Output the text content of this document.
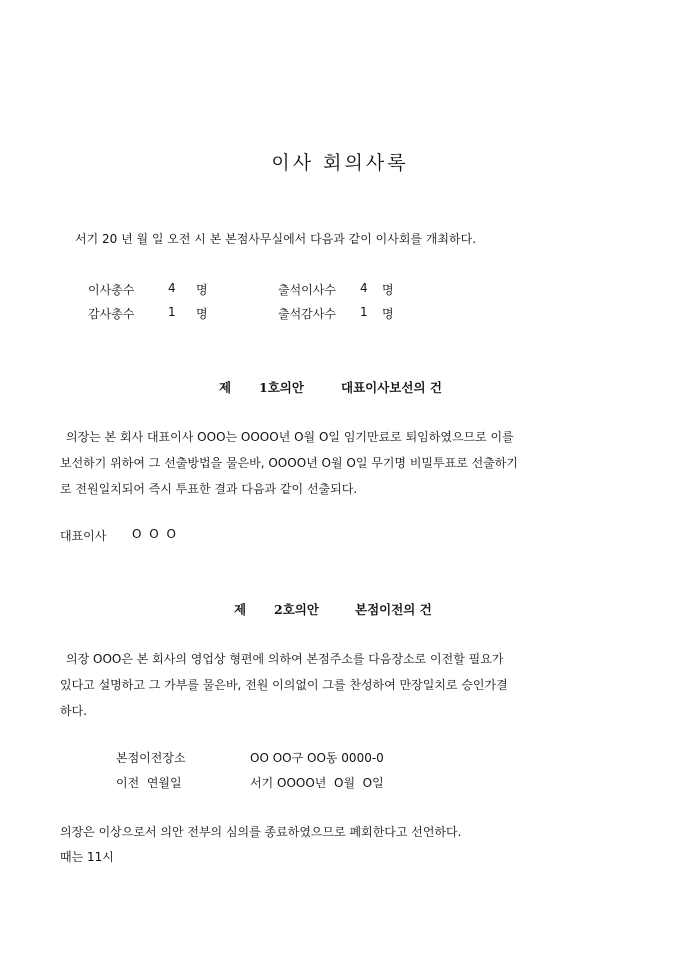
이사 회의사록
서기 20 년 월 일 오전 시 본 본점사무실에서 다음과 같이 이사회를 개최하다.
이사총수	4 명	출석이사수 4 명
감사총수	1 명	출석감사수 1 명
제 1호의안	대표이사보선의 건
의장는 본 회사 대표이사 OOO는 OOOO년 O월 O일 임기만료로 퇴임하였으므로 이를
보선하기 위하여 그 선출방법을 물은바, OOOO년 O월 O일 무기명 비밀투표로 선출하기
로 전원일치되어 즉시 투표한 결과 다음과 같이 선출되다.
대표이사 O O O
제 2호의안	본점이전의 건
의장 OOO은 본 회사의 영업상 형편에 의하여 본점주소를 다음장소로 이전할 필요가
있다고 설명하고 그 가부를 물은바, 전원 이의없이 그를 찬성하여 만장일치로 승인가결
하다.
본점이전장소	OO OO구 OO동 0000-0
이전  연월일	서기 OOOO년  O월  O일
의장은 이상으로서 의안 전부의 심의를 종료하였으므로 폐회한다고 선언하다.
때는 11시
